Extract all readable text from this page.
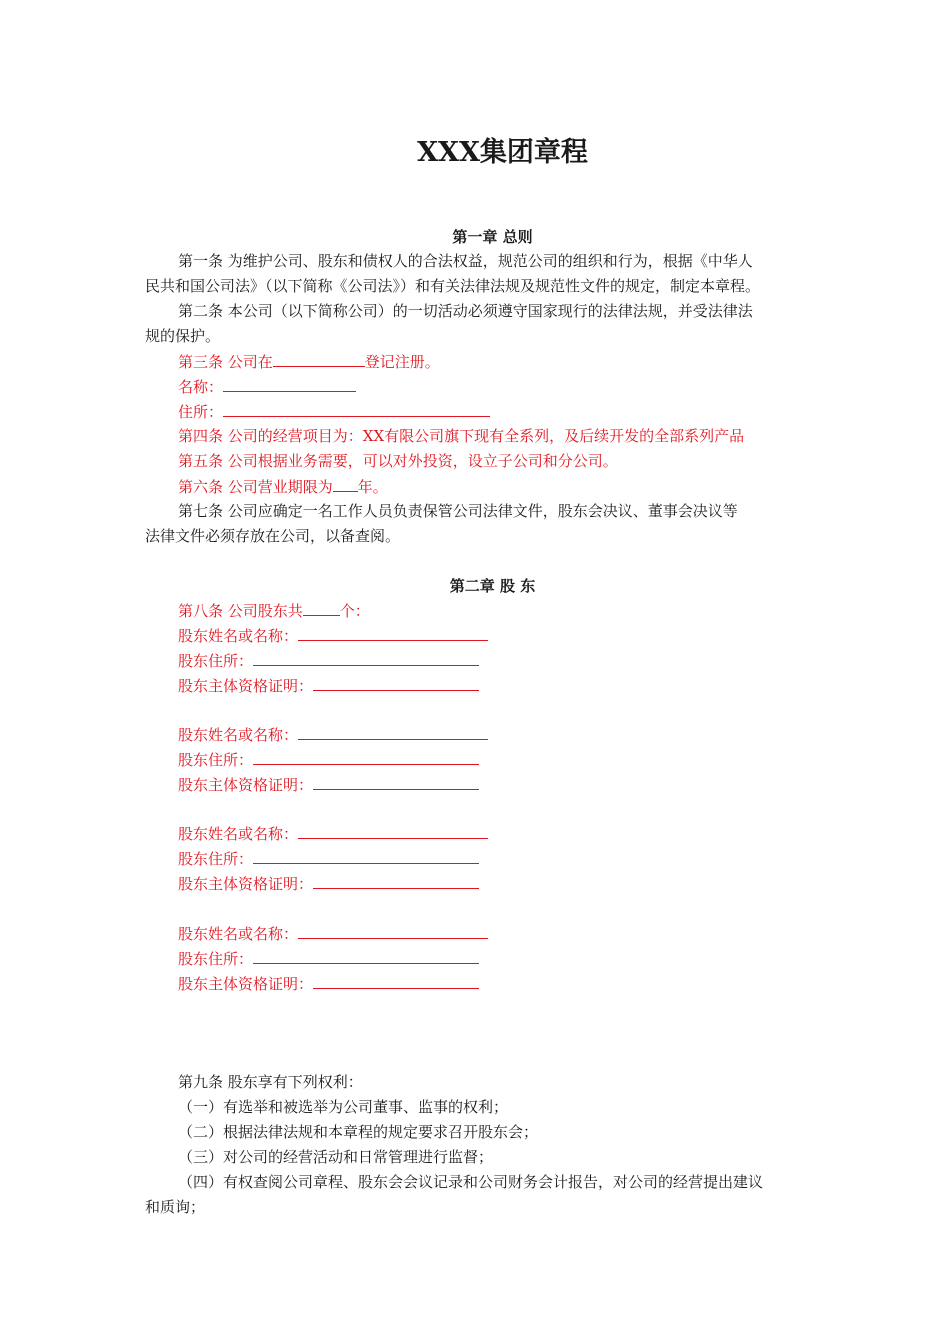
XXX集团章程
第一章 总则
第一条 为维护公司、股东和债权人的合法权益，规范公司的组织和行为，根据《中华人
民共和国公司法》（以下简称《公司法》）和有关法律法规及规范性文件的规定，制定本章程。
第二条 本公司（以下简称公司）的一切活动必须遵守国家现行的法律法规，并受法律法
规的保护。
第三条 公司在	登记注册。
名称：
住所：
第四条 公司的经营项目为：XX有限公司旗下现有全系列，及后续开发的全部系列产品
第五条 公司根据业务需要，可以对外投资，设立子公司和分公司。
第六条 公司营业期限为 年。
第七条 公司应确定一名工作人员负责保管公司法律文件，股东会决议、董事会决议等
法律文件必须存放在公司，以备查阅。
第二章 股 东
第八条 公司股东共 个：
股东姓名或名称：
股东住所：
股东主体资格证明：
股东姓名或名称：
股东住所：
股东主体资格证明：
股东姓名或名称：
股东住所：
股东主体资格证明：
股东姓名或名称：
股东住所：
股东主体资格证明：
第九条 股东享有下列权利：
（一）有选举和被选举为公司董事、监事的权利；
（二）根据法律法规和本章程的规定要求召开股东会；
（三）对公司的经营活动和日常管理进行监督；
（四）有权查阅公司章程、股东会会议记录和公司财务会计报告，对公司的经营提出建议
和质询；
